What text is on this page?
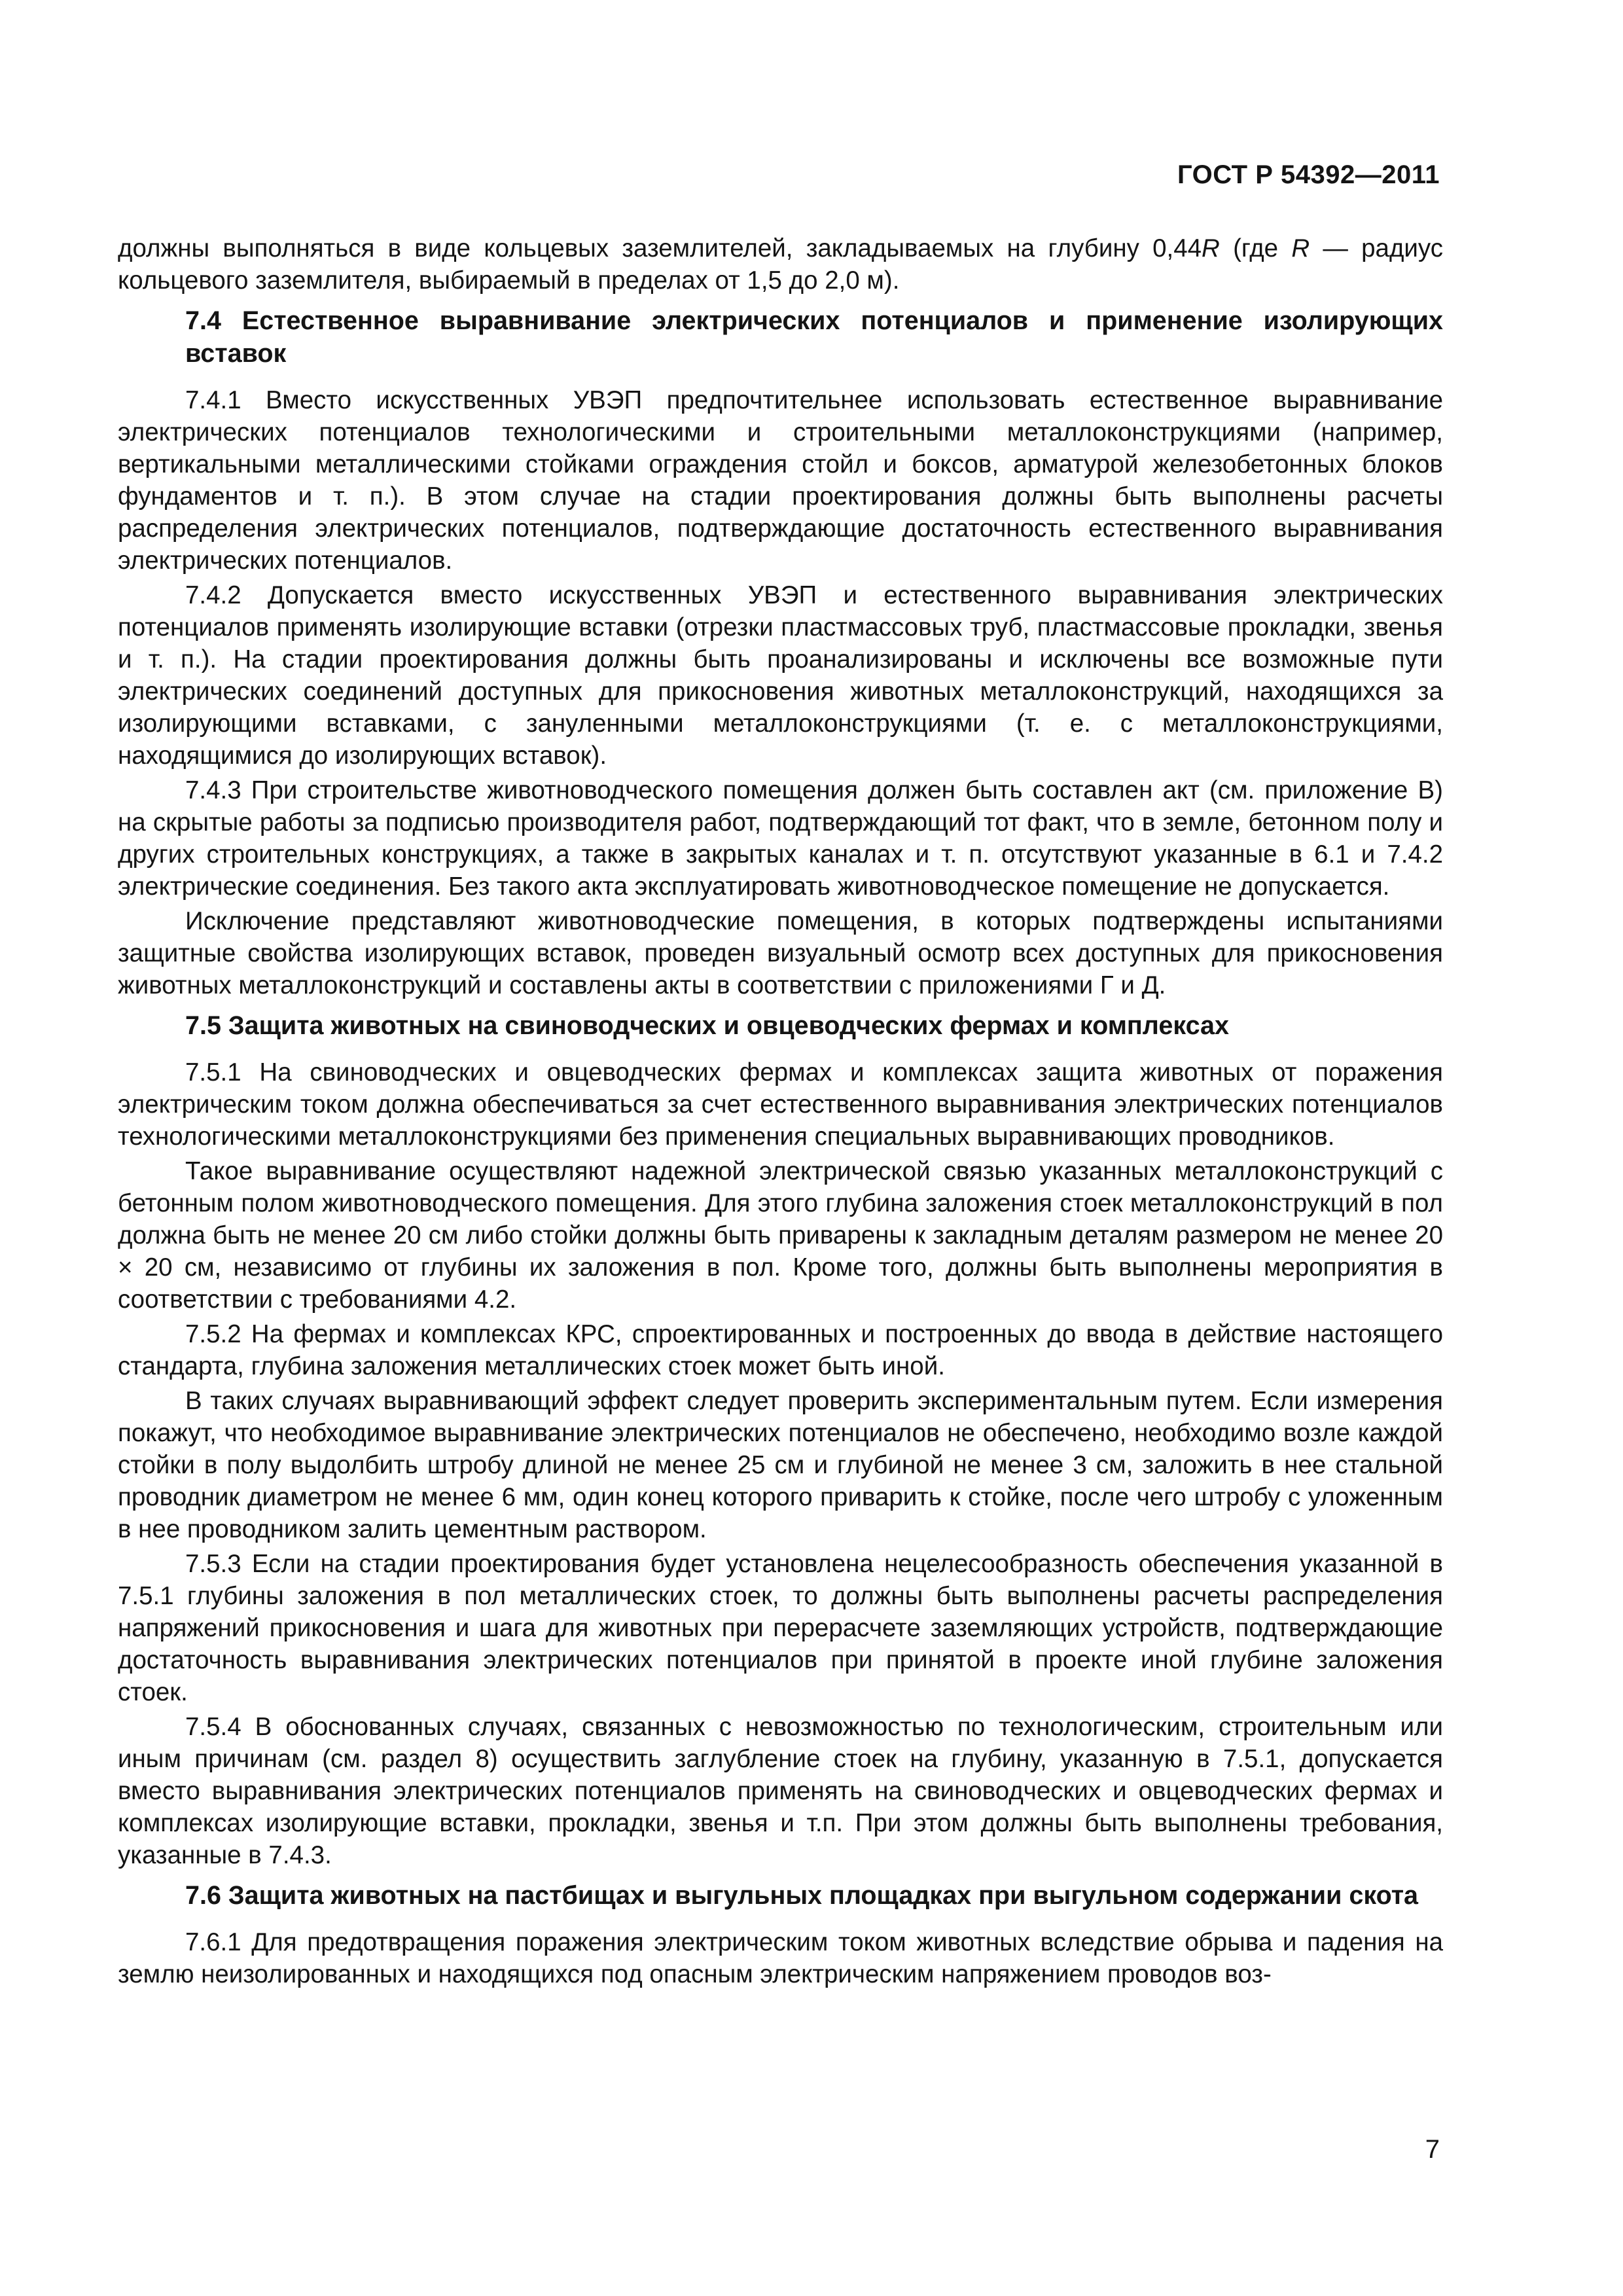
ГОСТ Р 54392—2011

должны выполняться в виде кольцевых заземлителей, закладываемых на глубину 0,44R (где R — радиус кольцевого заземлителя, выбираемый в пределах от 1,5 до 2,0 м).

7.4 Естественное выравнивание электрических потенциалов и применение изолирующих вставок

7.4.1 Вместо искусственных УВЭП предпочтительнее использовать естественное выравнивание электрических потенциалов технологическими и строительными металлоконструкциями (например, вертикальными металлическими стойками ограждения стойл и боксов, арматурой железобетонных блоков фундаментов и т. п.). В этом случае на стадии проектирования должны быть выполнены расчеты распределения электрических потенциалов, подтверждающие достаточность естественного выравнивания электрических потенциалов.

7.4.2 Допускается вместо искусственных УВЭП и естественного выравнивания электрических потенциалов применять изолирующие вставки (отрезки пластмассовых труб, пластмассовые прокладки, звенья и т. п.). На стадии проектирования должны быть проанализированы и исключены все возможные пути электрических соединений доступных для прикосновения животных металлоконструкций, находящихся за изолирующими вставками, с зануленными металлоконструкциями (т. е. с металлоконструкциями, находящимися до изолирующих вставок).

7.4.3 При строительстве животноводческого помещения должен быть составлен акт (см. приложение В) на скрытые работы за подписью производителя работ, подтверждающий тот факт, что в земле, бетонном полу и других строительных конструкциях, а также в закрытых каналах и т. п. отсутствуют указанные в 6.1 и 7.4.2 электрические соединения. Без такого акта эксплуатировать животноводческое помещение не допускается.

Исключение представляют животноводческие помещения, в которых подтверждены испытаниями защитные свойства изолирующих вставок, проведен визуальный осмотр всех доступных для прикосновения животных металлоконструкций и составлены акты в соответствии с приложениями Г и Д.

7.5 Защита животных на свиноводческих и овцеводческих фермах и комплексах

7.5.1 На свиноводческих и овцеводческих фермах и комплексах защита животных от поражения электрическим током должна обеспечиваться за счет естественного выравнивания электрических потенциалов технологическими металлоконструкциями без применения специальных выравнивающих проводников.

Такое выравнивание осуществляют надежной электрической связью указанных металлоконструкций с бетонным полом животноводческого помещения. Для этого глубина заложения стоек металлоконструкций в пол должна быть не менее 20 см либо стойки должны быть приварены к закладным деталям размером не менее 20 × 20 см, независимо от глубины их заложения в пол. Кроме того, должны быть выполнены мероприятия в соответствии с требованиями 4.2.

7.5.2 На фермах и комплексах КРС, спроектированных и построенных до ввода в действие настоящего стандарта, глубина заложения металлических стоек может быть иной.

В таких случаях выравнивающий эффект следует проверить экспериментальным путем. Если измерения покажут, что необходимое выравнивание электрических потенциалов не обеспечено, необходимо возле каждой стойки в полу выдолбить штробу длиной не менее 25 см и глубиной не менее 3 см, заложить в нее стальной проводник диаметром не менее 6 мм, один конец которого приварить к стойке, после чего штробу с уложенным в нее проводником залить цементным раствором.

7.5.3 Если на стадии проектирования будет установлена нецелесообразность обеспечения указанной в 7.5.1 глубины заложения в пол металлических стоек, то должны быть выполнены расчеты распределения напряжений прикосновения и шага для животных при перерасчете заземляющих устройств, подтверждающие достаточность выравнивания электрических потенциалов при принятой в проекте иной глубине заложения стоек.

7.5.4 В обоснованных случаях, связанных с невозможностью по технологическим, строительным или иным причинам (см. раздел 8) осуществить заглубление стоек на глубину, указанную в 7.5.1, допускается вместо выравнивания электрических потенциалов применять на свиноводческих и овцеводческих фермах и комплексах изолирующие вставки, прокладки, звенья и т.п. При этом должны быть выполнены требования, указанные в 7.4.3.

7.6 Защита животных на пастбищах и выгульных площадках при выгульном содержании скота

7.6.1 Для предотвращения поражения электрическим током животных вследствие обрыва и падения на землю неизолированных и находящихся под опасным электрическим напряжением проводов воз-

7
